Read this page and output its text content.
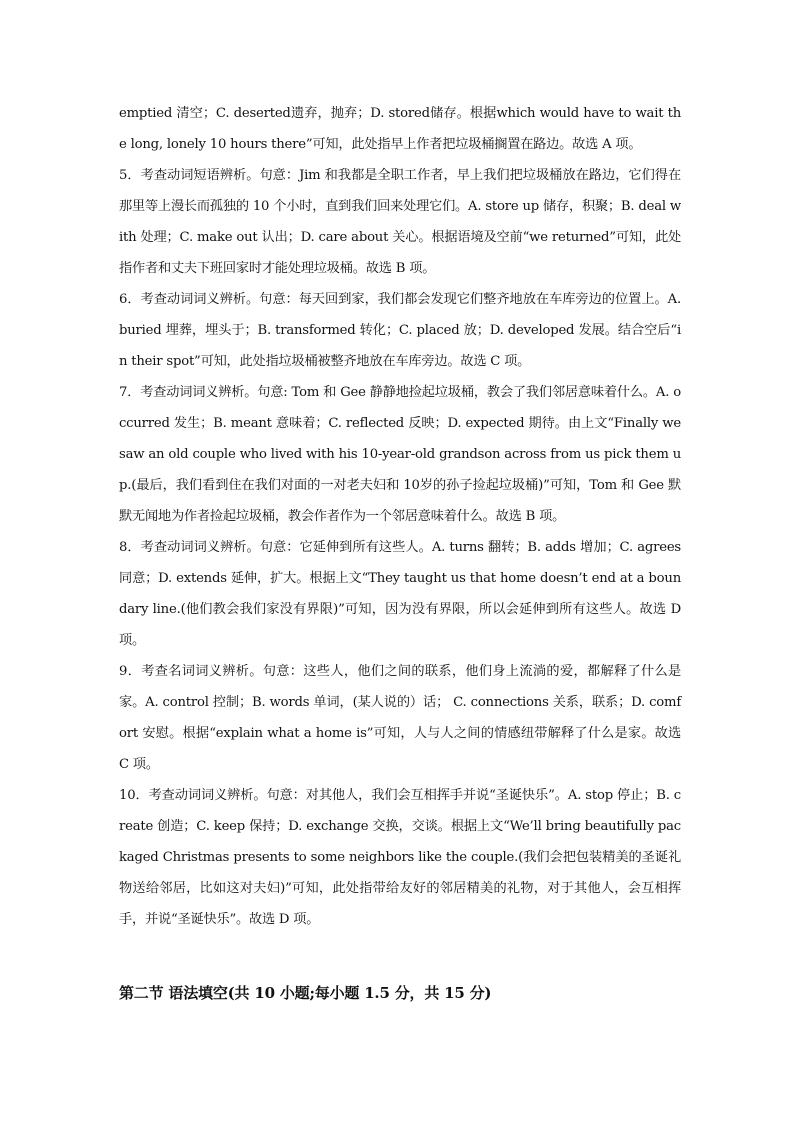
emptied 清空；C. deserted遗弃，抛弃；D. stored储存。根据which would have to wait the long, lonely 10 hours there”可知，此处指早上作者把垃圾桶搁置在路边。故选 A 项。

5．考查动词短语辨析。句意：Jim 和我都是全职工作者，早上我们把垃圾桶放在路边，它们得在那里等上漫长而孤独的 10 个小时，直到我们回来处理它们。A. store up 储存，积聚；B. deal with 处理；C. make out 认出；D. care about 关心。根据语境及空前“we returned”可知，此处指作者和丈夫下班回家时才能处理垃圾桶。故选 B 项。

6．考查动词词义辨析。句意：每天回到家，我们都会发现它们整齐地放在车库旁边的位置上。A. buried 埋葬，埋头于；B. transformed 转化；C. placed 放；D. developed 发展。结合空后“in their spot”可知，此处指垃圾桶被整齐地放在车库旁边。故选 C 项。

7．考查动词词义辨析。句意: Tom 和 Gee 静静地捡起垃圾桶，教会了我们邻居意味着什么。A. occurred 发生；B. meant 意味着；C. reflected 反映；D. expected 期待。由上文“Finally we saw an old couple who lived with his 10-year-old grandson across from us pick them up.(最后，我们看到住在我们对面的一对老夫妇和 10岁的孙子捡起垃圾桶)”可知，Tom 和 Gee 默默无闻地为作者捡起垃圾桶，教会作者作为一个邻居意味着什么。故选 B 项。

8．考查动词词义辨析。句意：它延伸到所有这些人。A. turns 翻转；B. adds 增加；C. agrees 同意；D. extends 延伸，扩大。根据上文“They taught us that home doesn’t end at a boundary line.(他们教会我们家没有界限)”可知，因为没有界限，所以会延伸到所有这些人。故选 D 项。

9．考查名词词义辨析。句意：这些人，他们之间的联系，他们身上流淌的爱，都解释了什么是家。A. control 控制；B. words 单词，(某人说的）话； C. connections 关系，联系；D. comfort 安慰。根据“explain what a home is”可知，人与人之间的情感纽带解释了什么是家。故选 C 项。

10．考查动词词义辨析。句意：对其他人，我们会互相挥手并说“圣诞快乐”。A. stop 停止；B. create 创造；C. keep 保持；D. exchange 交换，交谈。根据上文“We’ll bring beautifully packaged Christmas presents to some neighbors like the couple.(我们会把包装精美的圣诞礼物送给邻居，比如这对夫妇)”可知，此处指带给友好的邻居精美的礼物，对于其他人，会互相挥手，并说“圣诞快乐”。故选 D 项。

第二节 语法填空(共 10 小题;每小题 1.5 分，共 15 分)
